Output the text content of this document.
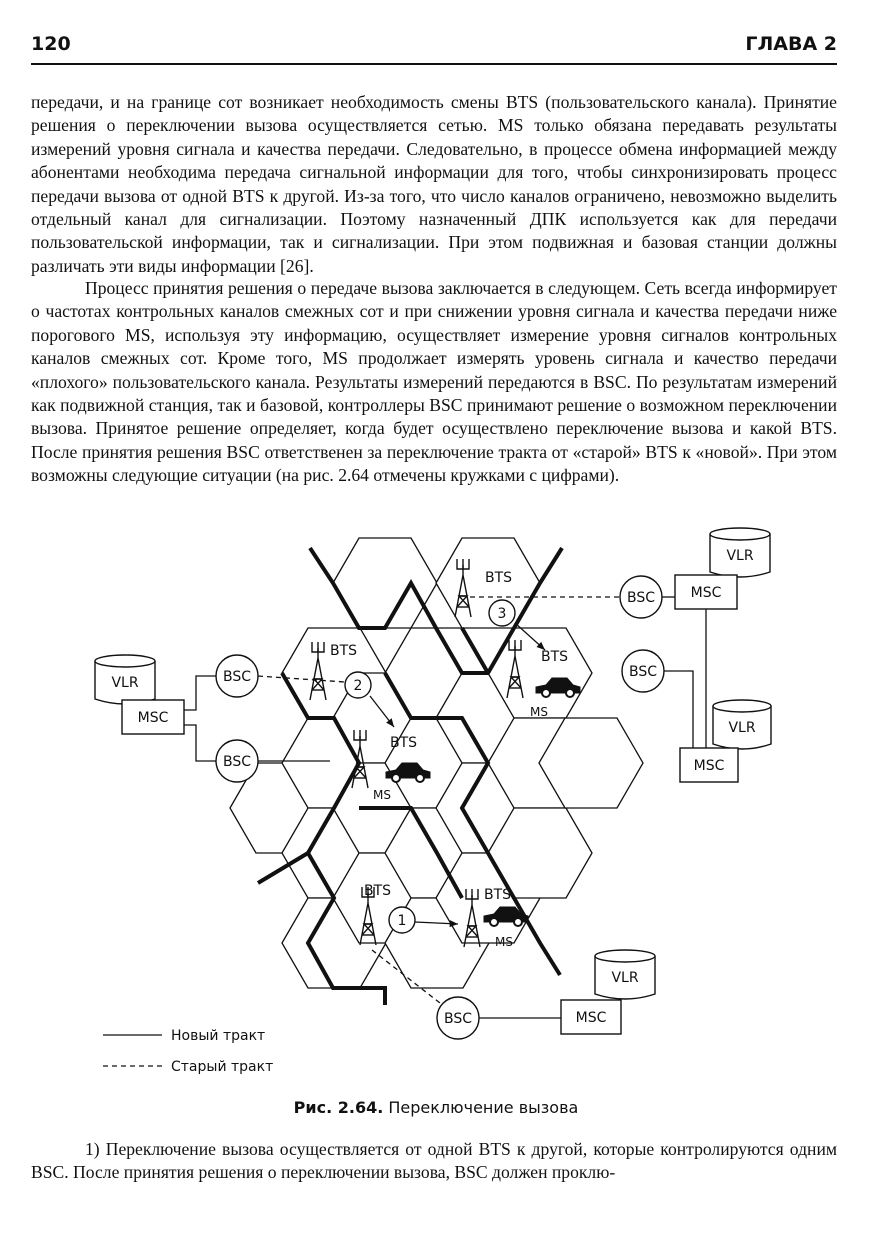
120	ГЛАВА 2

передачи, и на границе сот возникает необходимость смены BTS (пользовательского канала). Принятие решения о переключении вызова осуществляется сетью. MS только обязана передавать результаты измерений уровня сигнала и качества передачи. Следовательно, в процессе обмена информацией между абонентами необходима передача сигнальной информации для того, чтобы синхронизировать процесс передачи вызова от одной BTS к другой. Из-за того, что число каналов ограничено, невозможно выделить отдельный канал для сигнализации. Поэтому назначенный ДПК используется как для передачи пользовательской информации, так и сигнализации. При этом подвижная и базовая станции должны различать эти виды информации [26].

Процесс принятия решения о передаче вызова заключается в следующем. Сеть всегда информирует о частотах контрольных каналов смежных сот и при снижении уровня сигнала и качества передачи ниже порогового MS, используя эту информацию, осуществляет измерение уровня сигналов контрольных каналов смежных сот. Кроме того, MS продолжает измерять уровень сигнала и качество передачи «плохого» пользовательского канала. Результаты измерений передаются в BSC. По результатам измерений как подвижной станция, так и базовой, контроллеры BSC принимают решение о возможном переключении вызова. Принятое решение определяет, когда будет осуществлено переключение вызова и какой BTS. После принятия решения BSC ответственен за переключение тракта от «старой» BTS к «новой». При этом возможны следующие ситуации (на рис. 2.64 отмечены кружками с цифрами).

BTS
BTS	BTS
MS
BTS
MS
BTS	BTS
MS
3
2
1
BSC
BSC
BSC
BSC
BSC
VLR
MSC
VLR
MSC
VLR
MSC
VLR
MSC
Новый тракт
Старый тракт
Рис. 2.64. Переключение вызова

1) Переключение вызова осуществляется от одной BTS к другой, которые контролируются одним BSC. После принятия решения о переключении вызова, BSC должен проклю-
